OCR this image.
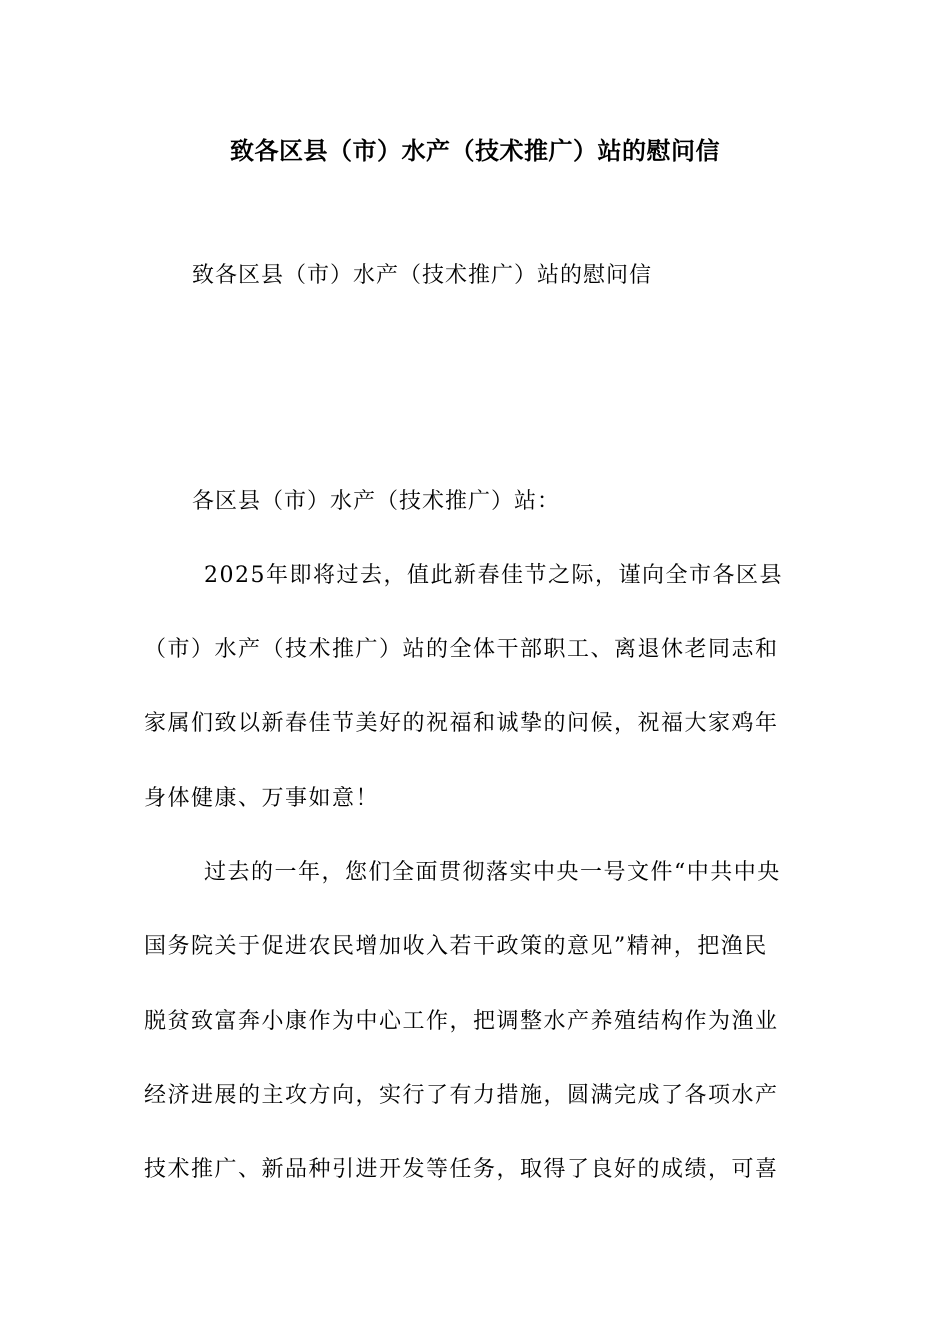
致各区县（市）水产（技术推广）站的慰问信
致各区县（市）水产（技术推广）站的慰问信
各区县（市）水产（技术推广）站：
2025年即将过去，值此新春佳节之际，谨向全市各区县
（市）水产（技术推广）站的全体干部职工、离退休老同志和
家属们致以新春佳节美好的祝福和诚挚的问候，祝福大家鸡年
身体健康、万事如意！
过去的一年，您们全面贯彻落实中央一号文件“中共中央
国务院关于促进农民增加收入若干政策的意见”精神，把渔民
脱贫致富奔小康作为中心工作，把调整水产养殖结构作为渔业
经济进展的主攻方向，实行了有力措施，圆满完成了各项水产
技术推广、新品种引进开发等任务，取得了良好的成绩，可喜
